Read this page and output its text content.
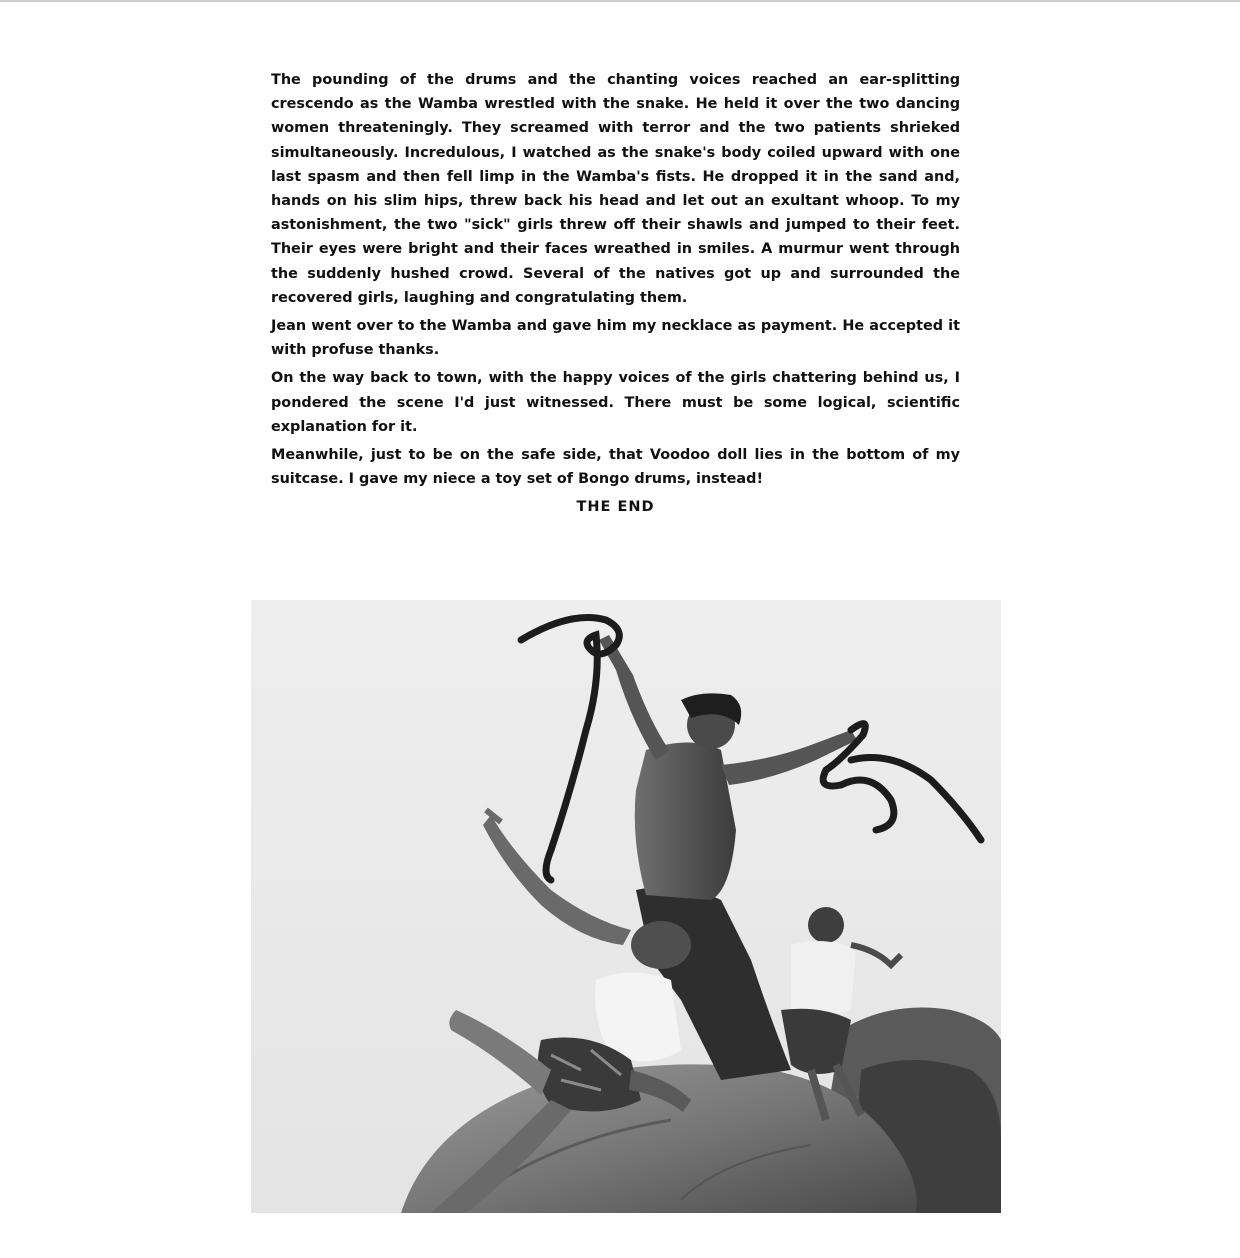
The pounding of the drums and the chanting voices reached an ear-splitting crescendo as the Wamba wrestled with the snake. He held it over the two dancing women threateningly. They screamed with terror and the two patients shrieked simultaneously. Incredulous, I watched as the snake's body coiled upward with one last spasm and then fell limp in the Wamba's fists. He dropped it in the sand and, hands on his slim hips, threw back his head and let out an exultant whoop. To my astonishment, the two "sick" girls threw off their shawls and jumped to their feet. Their eyes were bright and their faces wreathed in smiles. A murmur went through the suddenly hushed crowd. Several of the natives got up and surrounded the recovered girls, laughing and congratulating them.

Jean went over to the Wamba and gave him my necklace as payment. He accepted it with profuse thanks.

On the way back to town, with the happy voices of the girls chattering behind us, I pondered the scene I'd just witnessed. There must be some logical, scientific explanation for it.

Meanwhile, just to be on the safe side, that Voodoo doll lies in the bottom of my suitcase. I gave my niece a toy set of Bongo drums, instead!

THE END
